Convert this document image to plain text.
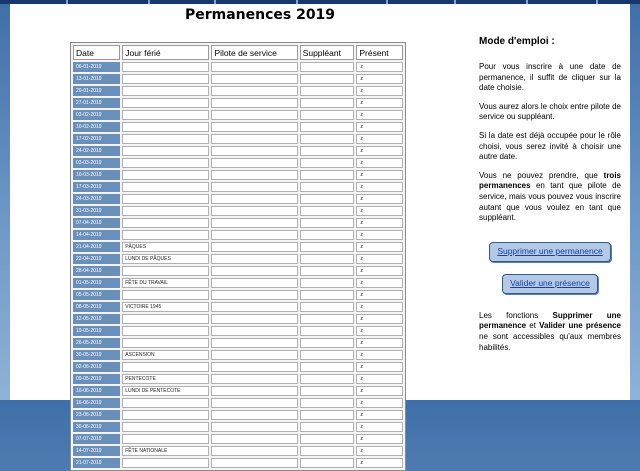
Permanences 2019
Date	Jour férié	Pilote de service	Suppléant	Présent
06-01-2019				z
13-01-2019				z
20-01-2019				z
27-01-2019				z
03-02-2019				z
10-02-2019				z
17-02-2019				z
24-02-2019				z
03-03-2019				z
10-03-2019				z
17-03-2019				z
24-03-2019				z
31-03-2019				z
07-04-2019				z
14-04-2019				z
21-04-2019	PÂQUES			z
22-04-2019	LUNDI DE PÂQUES			z
28-04-2019				z
01-05-2019	FÊTE DU TRAVAIL			z
05-05-2019				z
08-05-2019	VICTOIRE 1945			z
12-05-2019				z
19-05-2019				z
26-05-2019				z
30-05-2019	ASCENSION			z
02-06-2019				z
09-05-2019	PENTECOTE			z
10-06-2019	LUNDI DE PENTECOTE			z
16-06-2019				z
23-06-2019				z
30-06-2019				z
07-07-2019				z
14-07-2019	FÊTE NATIONALE			z
21-07-2019				z
Mode d'emploi :

Pour vous inscrire à une date de permanence, il suffit de cliquer sur la date choisie.

Vous aurez alors le choix entre pilote de service ou suppléant.

Si la date est déjà occupée pour le rôle choisi, vous serez invité à choisir une autre date.

Vous ne pouvez prendre, que trois permanences en tant que pilote de service, mais vous pouvez vous inscrire autant que vous voulez en tant que suppléant.

Supprimer une permanence
Valider une présence
Les fonctions Supprimer une permanence et Valider une présence ne sont accessibles qu'aux membres habilités.
